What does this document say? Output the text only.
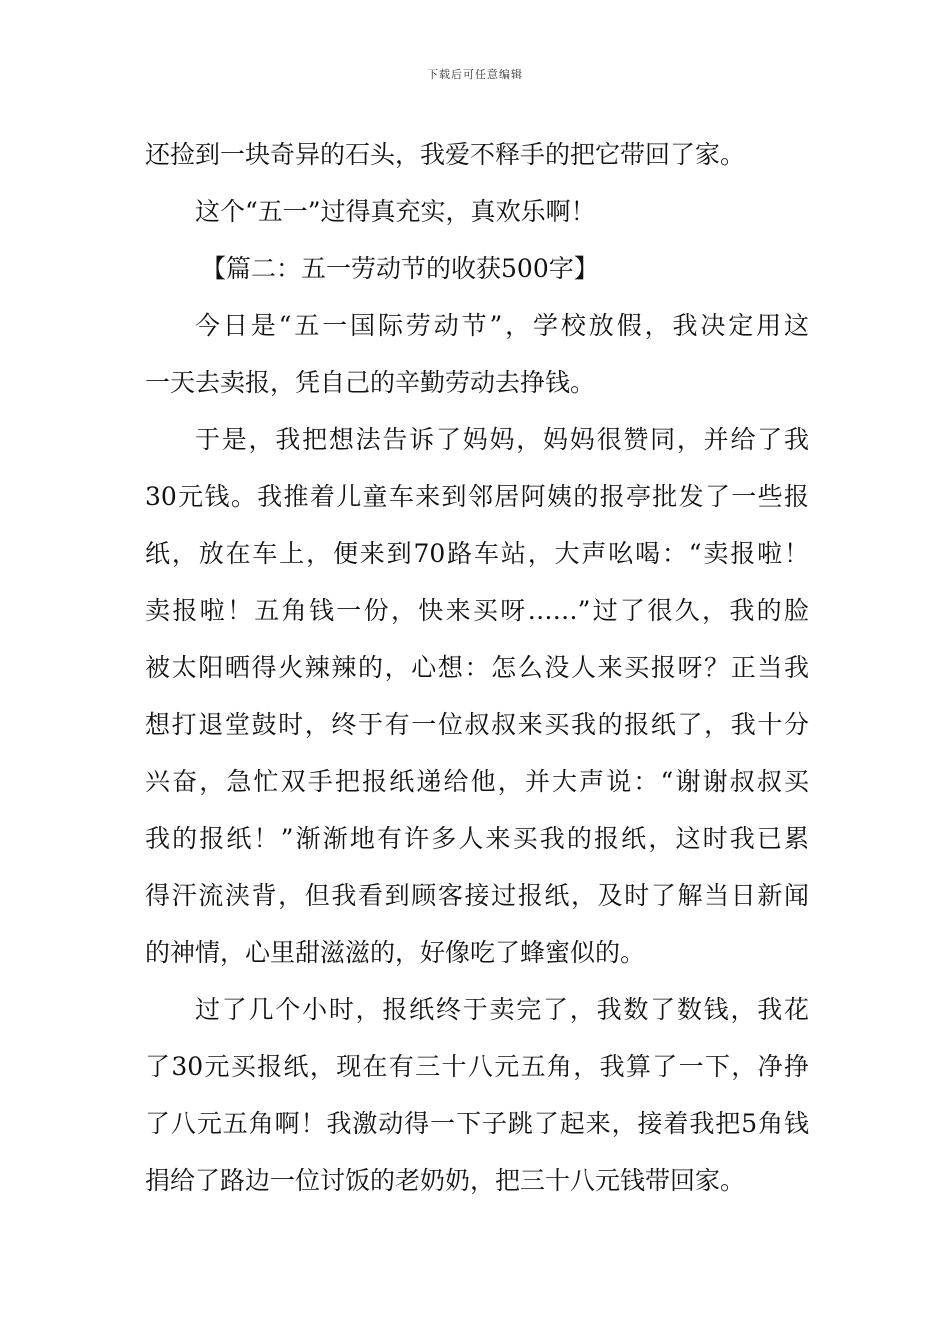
下载后可任意编辑
还捡到一块奇异的石头，我爱不释手的把它带回了家。
这个“五一”过得真充实，真欢乐啊！
【篇二：五一劳动节的收获500字】
今日是“五一国际劳动节”，学校放假，我决定用这
一天去卖报，凭自己的辛勤劳动去挣钱。
于是，我把想法告诉了妈妈，妈妈很赞同，并给了我
30元钱。我推着儿童车来到邻居阿姨的报亭批发了一些报
纸，放在车上，便来到70路车站，大声吆喝：“卖报啦！
卖报啦！五角钱一份，快来买呀……”过了很久，我的脸
被太阳晒得火辣辣的，心想：怎么没人来买报呀？正当我
想打退堂鼓时，终于有一位叔叔来买我的报纸了，我十分
兴奋，急忙双手把报纸递给他，并大声说：“谢谢叔叔买
我的报纸！”渐渐地有许多人来买我的报纸，这时我已累
得汗流浃背，但我看到顾客接过报纸，及时了解当日新闻
的神情，心里甜滋滋的，好像吃了蜂蜜似的。
过了几个小时，报纸终于卖完了，我数了数钱，我花
了30元买报纸，现在有三十八元五角，我算了一下，净挣
了八元五角啊！我激动得一下子跳了起来，接着我把5角钱
捐给了路边一位讨饭的老奶奶，把三十八元钱带回家。
